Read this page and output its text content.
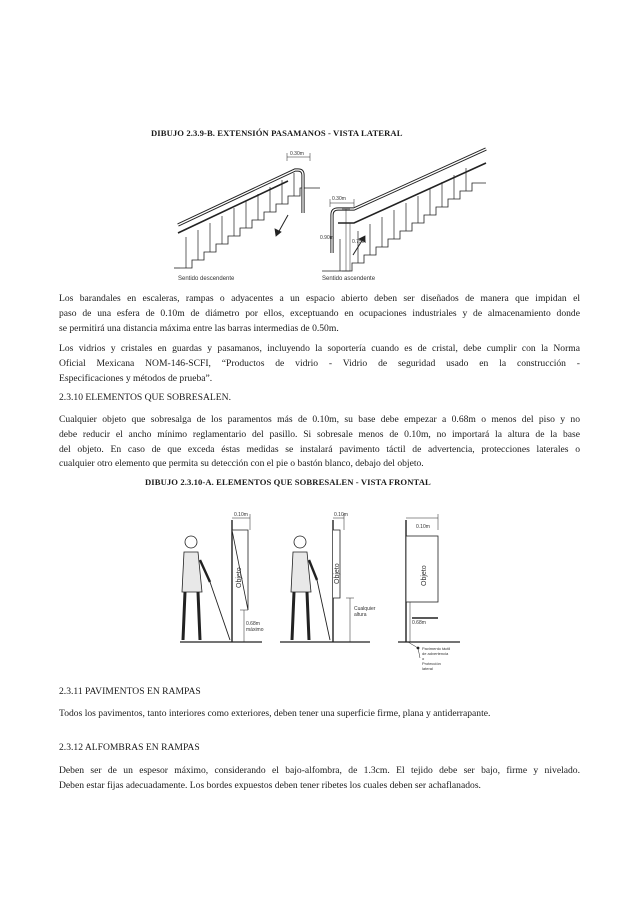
DIBUJO 2.3.9-B. EXTENSIÓN PASAMANOS - VISTA LATERAL
0.30m
Sentido descendente
0.30m
0.90m
0.75m
Sentido ascendente
Los barandales en escaleras, rampas o adyacentes a un espacio abierto deben ser diseñados de manera que impidan el
paso de una esfera de 0.10m de diámetro por ellos, exceptuando en ocupaciones industriales y de almacenamiento donde
se permitirá una distancia máxima entre las barras intermedias de 0.50m.
Los vidrios y cristales en guardas y pasamanos, incluyendo la soportería cuando es de cristal, debe cumplir con la Norma
Oficial Mexicana NOM-146-SCFI, “Productos de vidrio - Vidrio de seguridad usado en la construcción -
Especificaciones y métodos de prueba”.
2.3.10 ELEMENTOS QUE SOBRESALEN.
Cualquier objeto que sobresalga de los paramentos más de 0.10m, su base debe empezar a 0.68m o menos del piso y no
debe reducir el ancho mínimo reglamentario del pasillo. Si sobresale menos de 0.10m, no importará la altura de la base
del objeto. En caso de que exceda éstas medidas se instalará pavimento táctil de advertencia, protecciones laterales o
cualquier otro elemento que permita su detección con el pie o bastón blanco, debajo del objeto.
DIBUJO 2.3.10-A. ELEMENTOS QUE SOBRESALEN - VISTA FRONTAL
0.10m
Objeto
0.68m
máximo
0.10m
Objeto
Cualquier
altura
0.10m
Objeto
0.68m
Pavimento táctil
de advertencia
o
Protección
lateral
2.3.11 PAVIMENTOS EN RAMPAS
Todos los pavimentos, tanto interiores como exteriores, deben tener una superficie firme, plana y antiderrapante.
2.3.12 ALFOMBRAS EN RAMPAS
Deben ser de un espesor máximo, considerando el bajo-alfombra, de 1.3cm. El tejido debe ser bajo, firme y nivelado.
Deben estar fijas adecuadamente. Los bordes expuestos deben tener ribetes los cuales deben ser achaflanados.
